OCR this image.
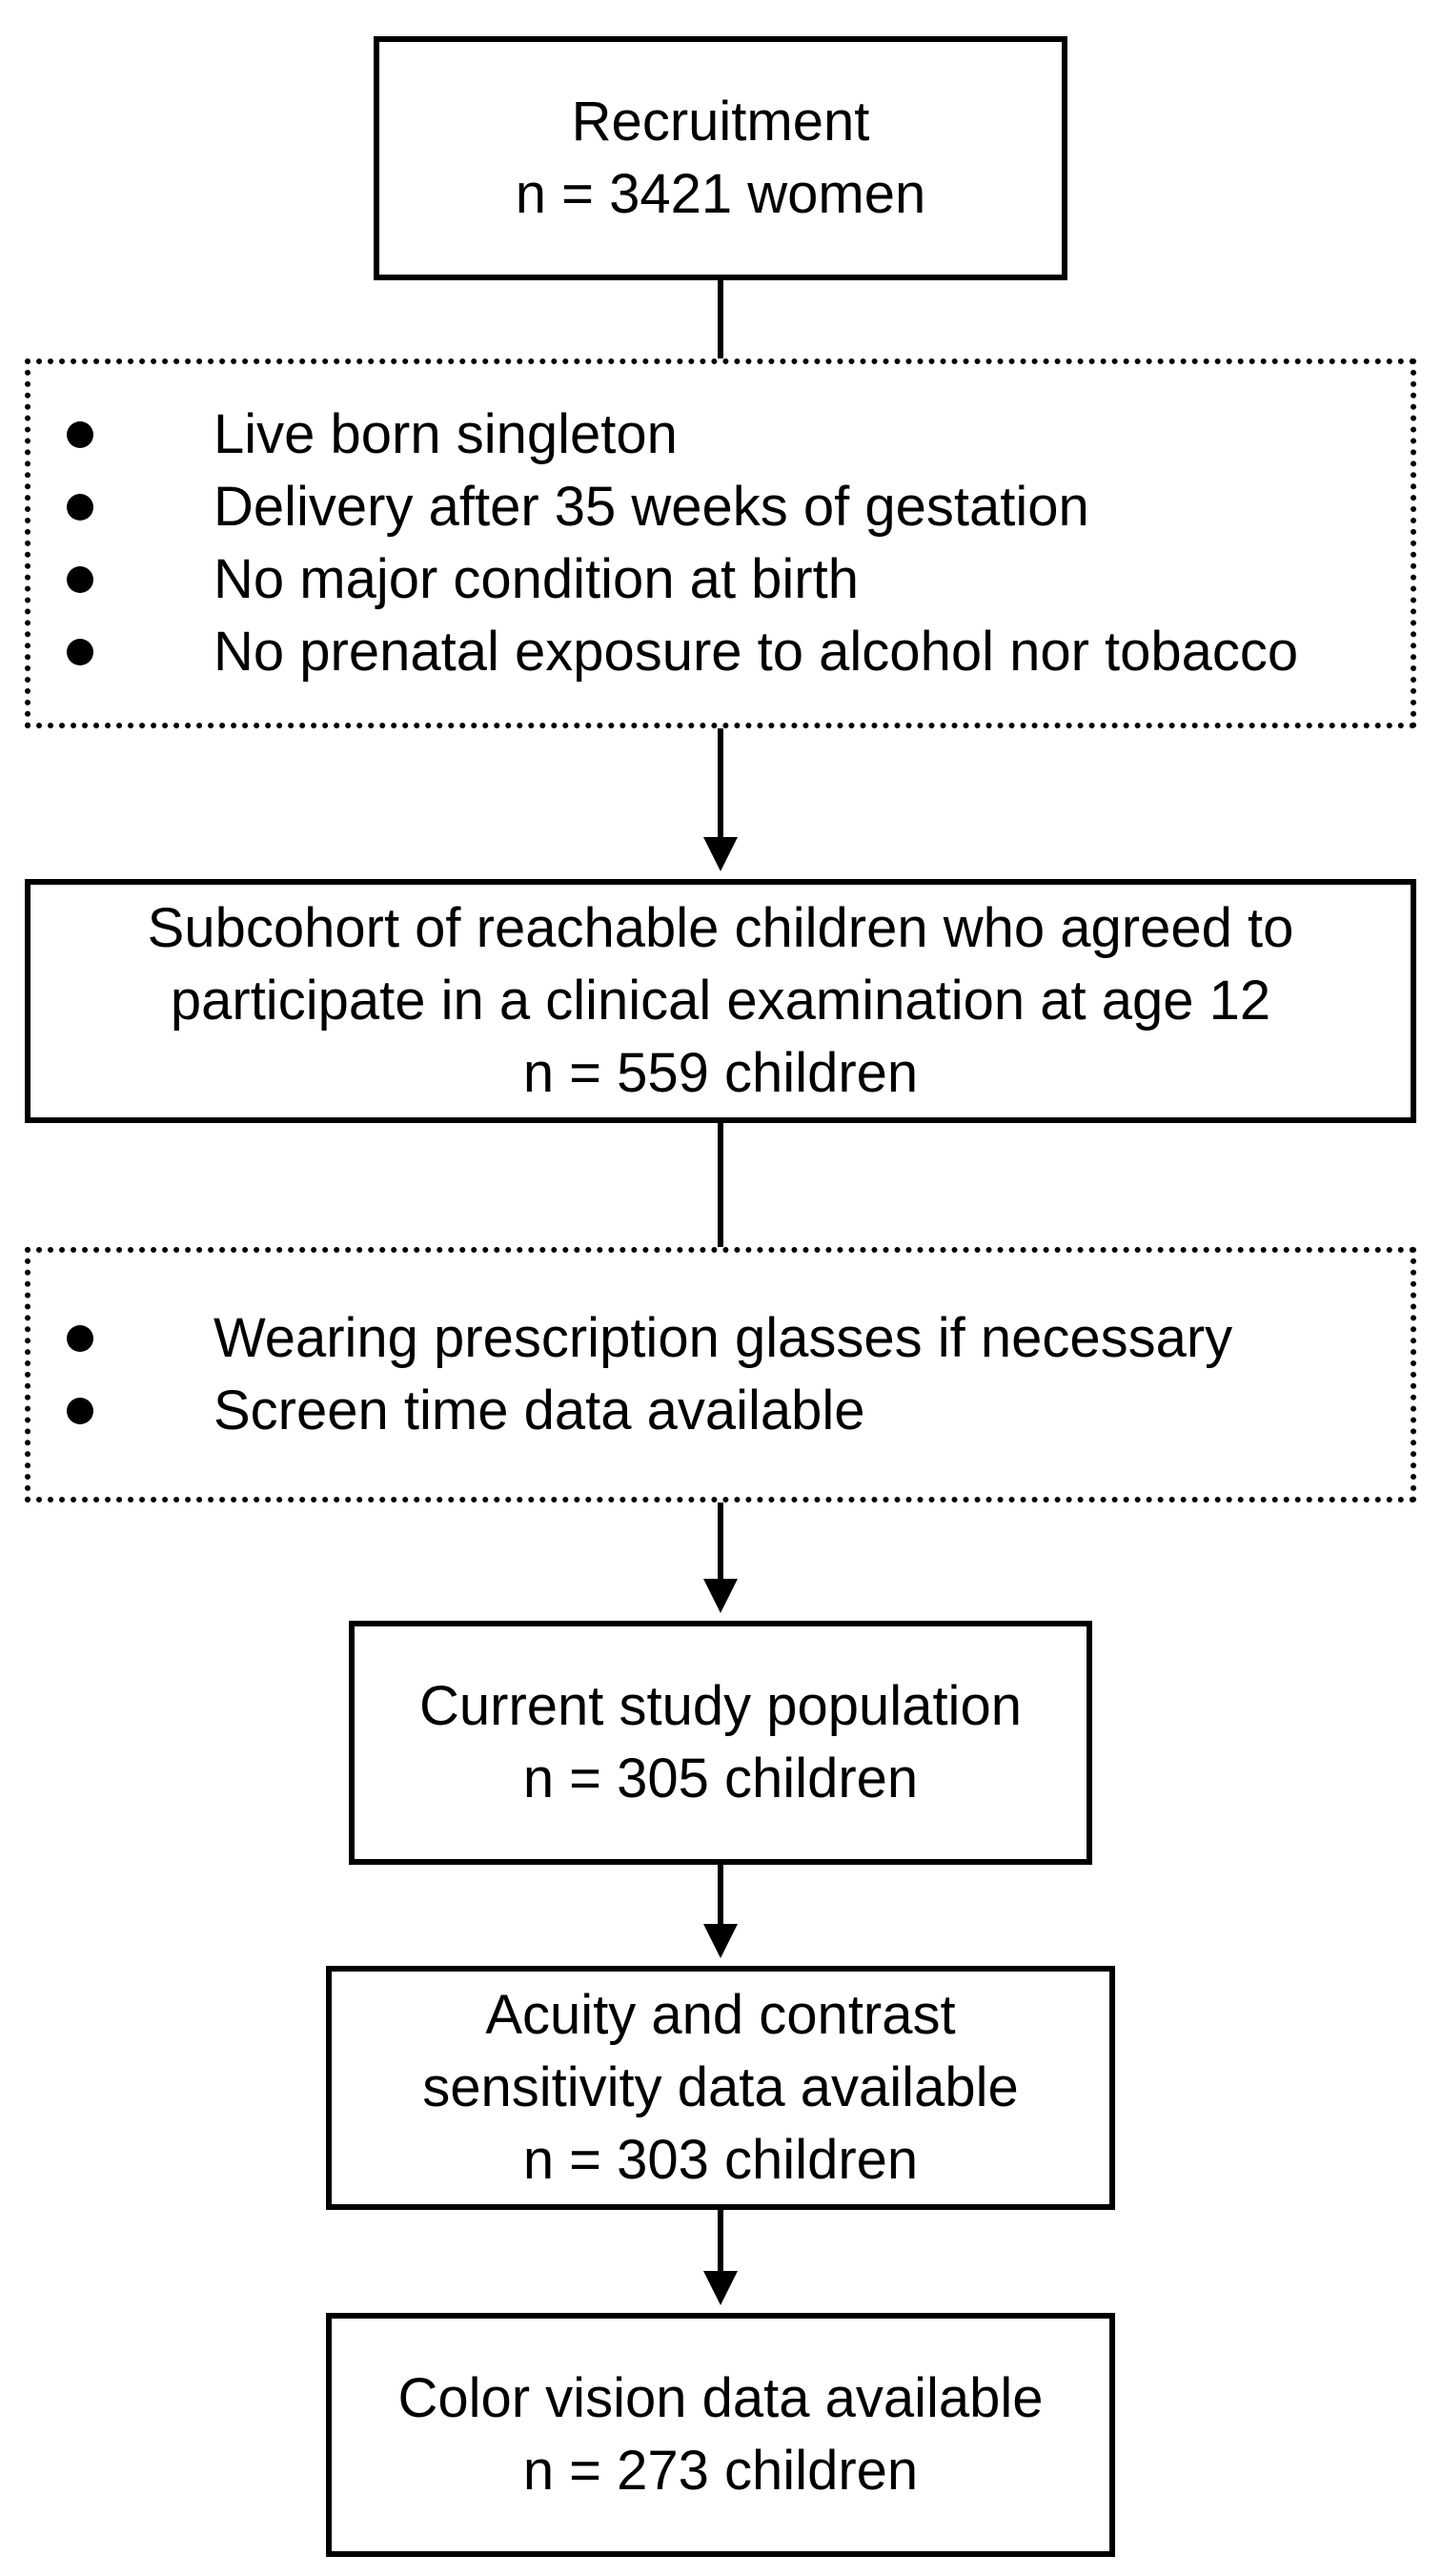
Recruitment
n = 3421 women
Live born singleton
Delivery after 35 weeks of gestation
No major condition at birth
No prenatal exposure to alcohol nor tobacco
Subcohort of reachable children who agreed to
participate in a clinical examination at age 12
n = 559 children
Wearing prescription glasses if necessary
Screen time data available
Current study population
n = 305 children
Acuity and contrast
sensitivity data available
n = 303 children
Color vision data available
n = 273 children
